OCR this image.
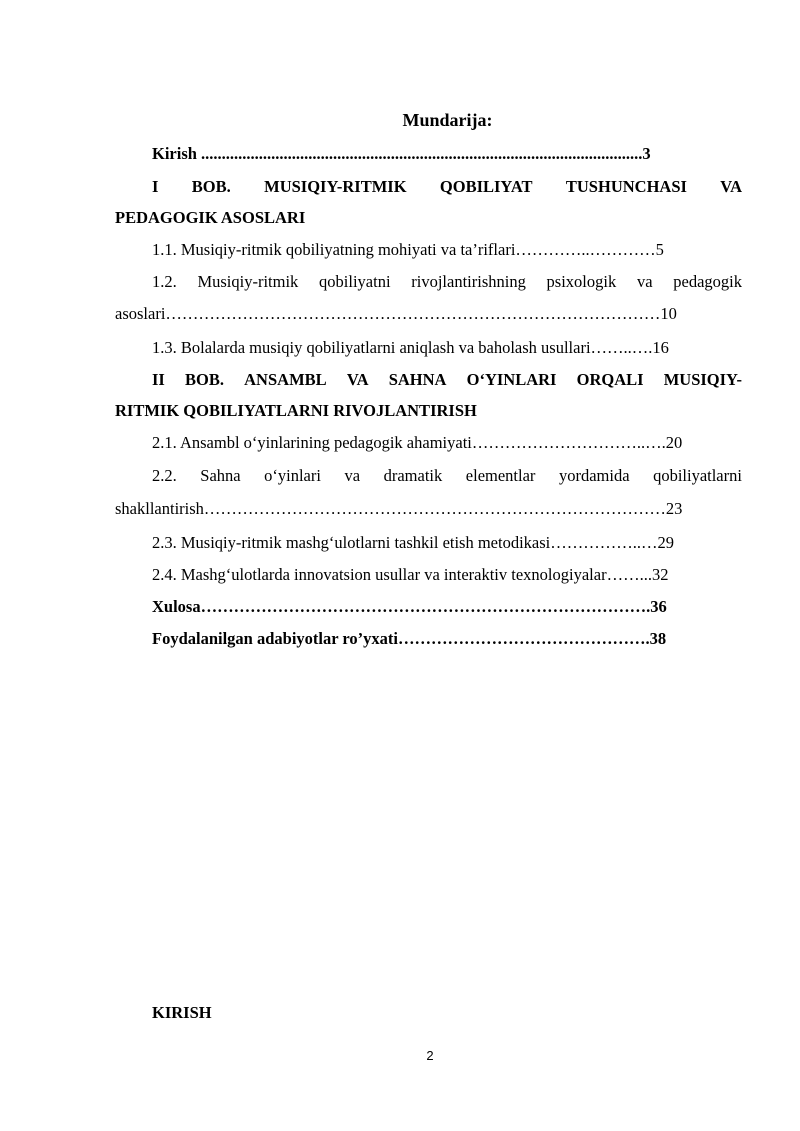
Mundarija:
Kirish ...........................................................................................................3
I BOB. MUSIQIY-RITMIK QOBILIYAT TUSHUNCHASI VA
PEDAGOGIK ASOSLARI
1.1. Musiqiy-ritmik qobiliyatning mohiyati va ta’riflari…………..…………5
1.2. Musiqiy-ritmik qobiliyatni rivojlantirishning psixologik va pedagogik
asoslari………………………………………………………………………………10
1.3. Bolalarda musiqiy qobiliyatlarni aniqlash va baholash usullari……..….16
II BOB. ANSAMBL VA SAHNA O‘YINLARI ORQALI MUSIQIY-
RITMIK QOBILIYATLARNI RIVOJLANTIRISH
2.1. Ansambl o‘yinlarining pedagogik ahamiyati…………………………..….20
2.2. Sahna o‘yinlari va dramatik elementlar yordamida qobiliyatlarni
shakllantirish…………………………………………………………………………23
2.3. Musiqiy-ritmik mashg‘ulotlarni tashkil etish metodikasi……………..…29
2.4. Mashg‘ulotlarda innovatsion usullar va interaktiv texnologiyalar……...32
Xulosa……………………………………………………………………….36
Foydalanilgan adabiyotlar ro’yxati……………………………………….38
KIRISH
2
